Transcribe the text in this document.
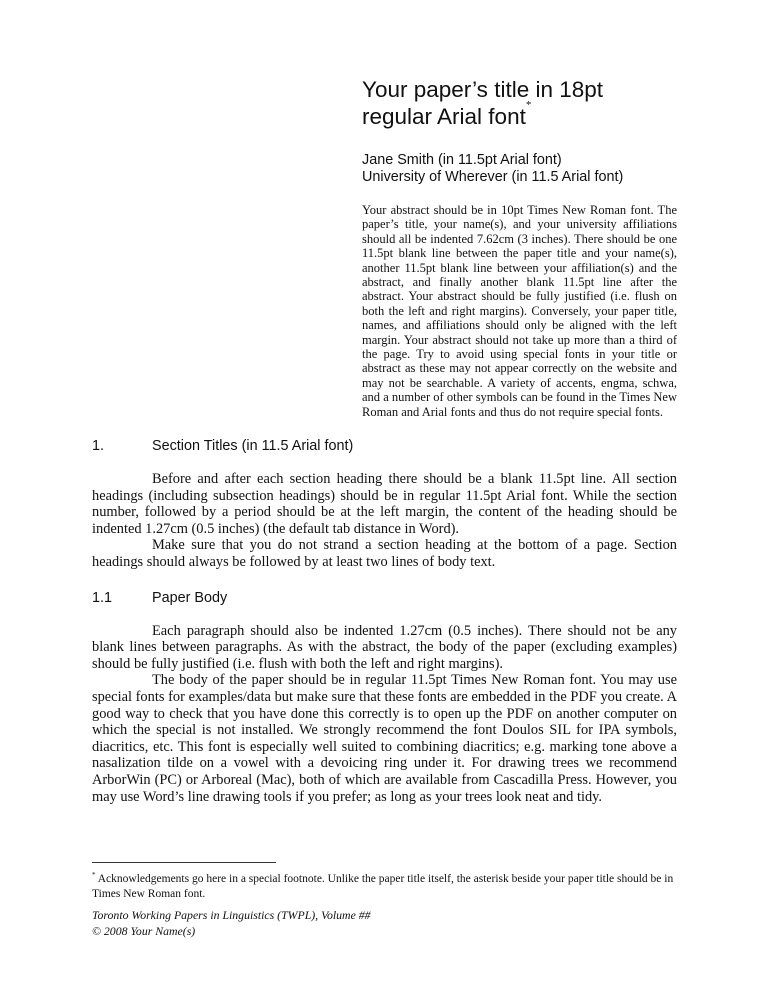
Your paper’s title in 18pt regular Arial font*
Jane Smith (in 11.5pt Arial font)
University of Wherever (in 11.5 Arial font)
Your abstract should be in 10pt Times New Roman font. The paper’s title, your name(s), and your university affiliations should all be indented 7.62cm (3 inches). There should be one 11.5pt blank line between the paper title and your name(s), another 11.5pt blank line between your affiliation(s) and the abstract, and finally another blank 11.5pt line after the abstract. Your abstract should be fully justified (i.e. flush on both the left and right margins). Conversely, your paper title, names, and affiliations should only be aligned with the left margin. Your abstract should not take up more than a third of the page. Try to avoid using special fonts in your title or abstract as these may not appear correctly on the website and may not be searchable. A variety of accents, engma, schwa, and a number of other symbols can be found in the Times New Roman and Arial fonts and thus do not require special fonts.
1.	Section Titles (in 11.5 Arial font)

Before and after each section heading there should be a blank 11.5pt line. All section headings (including subsection headings) should be in regular 11.5pt Arial font. While the section number, followed by a period should be at the left margin, the content of the heading should be indented 1.27cm (0.5 inches) (the default tab distance in Word).

Make sure that you do not strand a section heading at the bottom of a page. Section headings should always be followed by at least two lines of body text.

1.1	Paper Body

Each paragraph should also be indented 1.27cm (0.5 inches). There should not be any blank lines between paragraphs. As with the abstract, the body of the paper (excluding examples) should be fully justified (i.e. flush with both the left and right margins).

The body of the paper should be in regular 11.5pt Times New Roman font. You may use special fonts for examples/data but make sure that these fonts are embedded in the PDF you create. A good way to check that you have done this correctly is to open up the PDF on another computer on which the special is not installed. We strongly recommend the font Doulos SIL for IPA symbols, diacritics, etc. This font is especially well suited to combining diacritics; e.g. marking tone above a nasalization tilde on a vowel with a devoicing ring under it. For drawing trees we recommend ArborWin (PC) or Arboreal (Mac), both of which are available from Cascadilla Press. However, you may use Word’s line drawing tools if you prefer; as long as your trees look neat and tidy.

* Acknowledgements go here in a special footnote. Unlike the paper title itself, the asterisk beside your paper title should be in Times New Roman font.
Toronto Working Papers in Linguistics (TWPL), Volume ##
© 2008 Your Name(s)
